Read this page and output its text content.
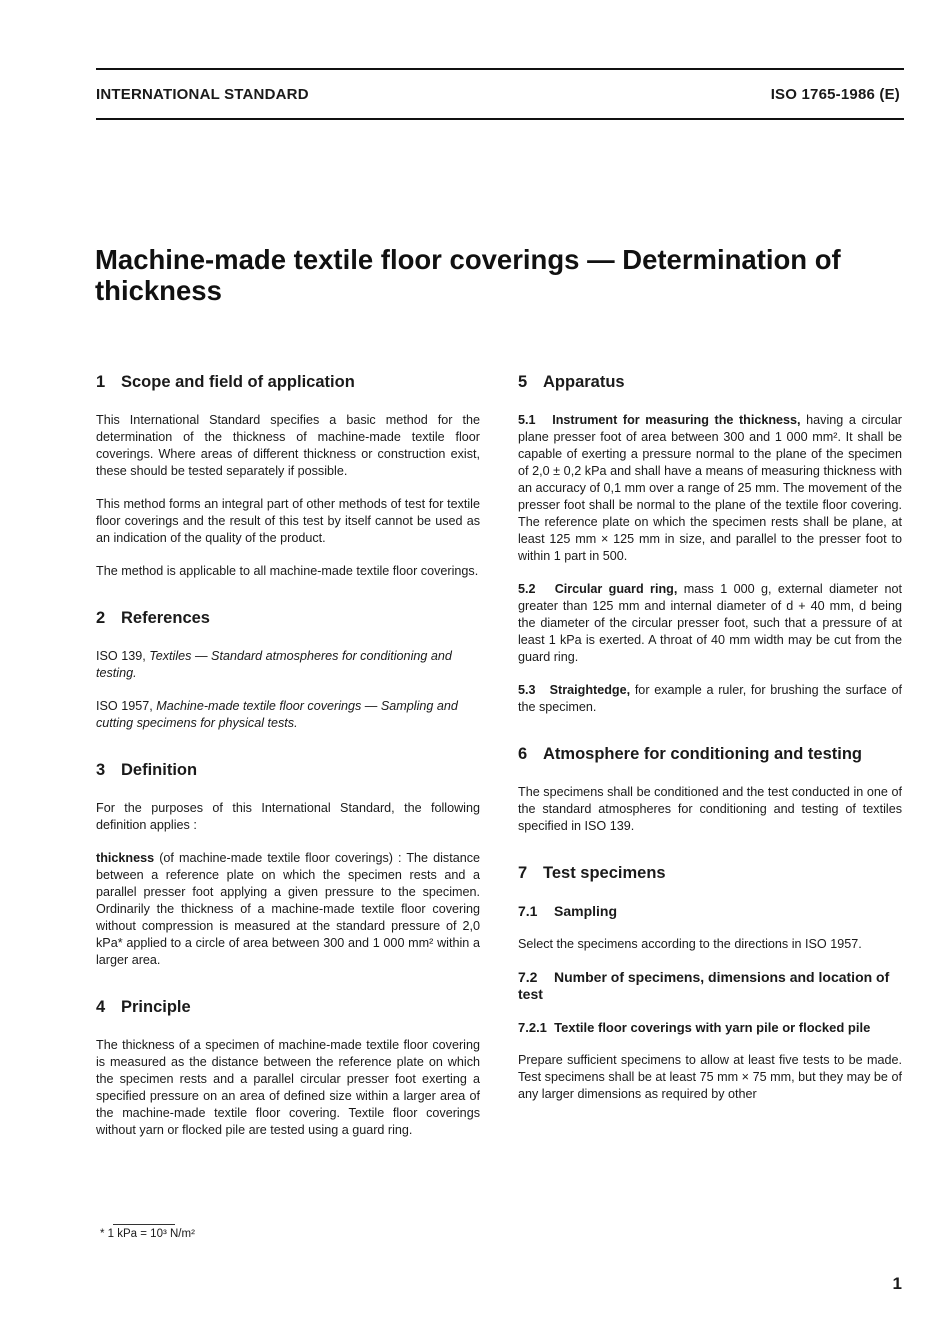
INTERNATIONAL STANDARD	ISO 1765-1986 (E)
Machine-made textile floor coverings — Determination of thickness
1 Scope and field of application

This International Standard specifies a basic method for the determination of the thickness of machine-made textile floor coverings. Where areas of different thickness or construction exist, these should be tested separately if possible.

This method forms an integral part of other methods of test for textile floor coverings and the result of this test by itself cannot be used as an indication of the quality of the product.

The method is applicable to all machine-made textile floor coverings.

2 References

ISO 139, Textiles — Standard atmospheres for conditioning and testing.

ISO 1957, Machine-made textile floor coverings — Sampling and cutting specimens for physical tests.

3 Definition

For the purposes of this International Standard, the following definition applies :

thickness (of machine-made textile floor coverings) : The distance between a reference plate on which the specimen rests and a parallel presser foot applying a given pressure to the specimen. Ordinarily the thickness of a machine-made textile floor covering without compression is measured at the standard pressure of 2,0 kPa* applied to a circle of area between 300 and 1 000 mm² within a larger area.

4 Principle

The thickness of a specimen of machine-made textile floor covering is measured as the distance between the reference plate on which the specimen rests and a parallel circular presser foot exerting a specified pressure on an area of defined size within a larger area of the machine-made textile floor covering. Textile floor coverings without yarn or flocked pile are tested using a guard ring.

5 Apparatus

5.1 Instrument for measuring the thickness, having a circular plane presser foot of area between 300 and 1 000 mm². It shall be capable of exerting a pressure normal to the plane of the specimen of 2,0 ± 0,2 kPa and shall have a means of measuring thickness with an accuracy of 0,1 mm over a range of 25 mm. The movement of the presser foot shall be normal to the plane of the textile floor covering. The reference plate on which the specimen rests shall be plane, at least 125 mm × 125 mm in size, and parallel to the presser foot to within 1 part in 500.

5.2 Circular guard ring, mass 1 000 g, external diameter not greater than 125 mm and internal diameter of d + 40 mm, d being the diameter of the circular presser foot, such that a pressure of at least 1 kPa is exerted. A throat of 40 mm width may be cut from the guard ring.

5.3 Straightedge, for example a ruler, for brushing the surface of the specimen.

6 Atmosphere for conditioning and testing

The specimens shall be conditioned and the test conducted in one of the standard atmospheres for conditioning and testing of textiles specified in ISO 139.

7 Test specimens
7.1 Sampling

Select the specimens according to the directions in ISO 1957.

7.2 Number of specimens, dimensions and location of test
7.2.1 Textile floor coverings with yarn pile or flocked pile

Prepare sufficient specimens to allow at least five tests to be made. Test specimens shall be at least 75 mm × 75 mm, but they may be of any larger dimensions as required by other

* 1 kPa = 10³ N/m²
1
